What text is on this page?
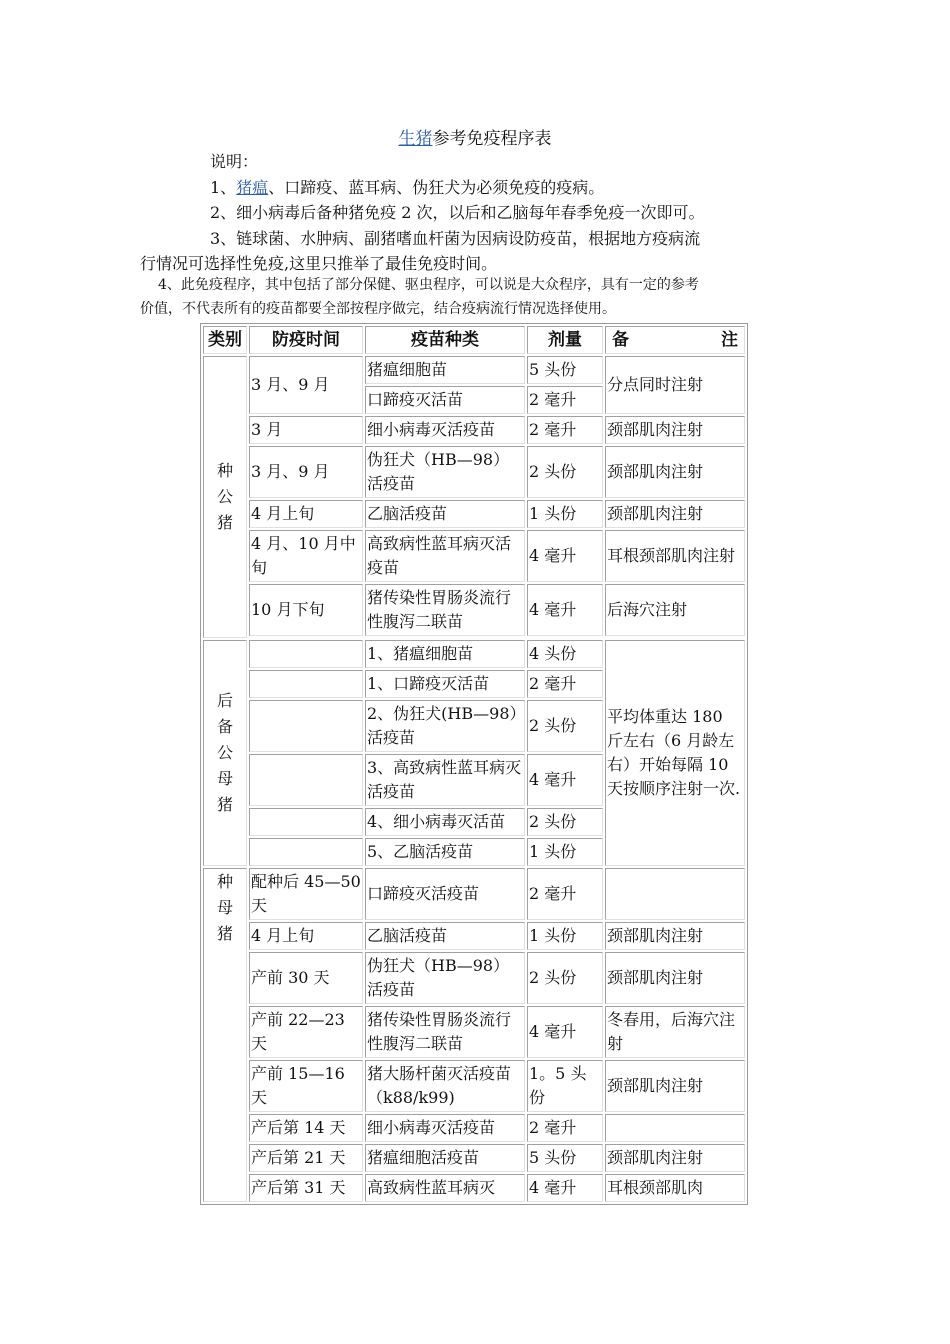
生猪参考免疫程序表
说明：
1、猪瘟、口蹄疫、蓝耳病、伪狂犬为必须免疫的疫病。
2、细小病毒后备种猪免疫 2 次，以后和乙脑每年春季免疫一次即可。
3、链球菌、水肿病、副猪嗜血杆菌为因病设防疫苗，根据地方疫病流
行情况可选择性免疫,这里只推举了最佳免疫时间。
4、此免疫程序，其中包括了部分保健、驱虫程序，可以说是大众程序，具有一定的参考
价值，不代表所有的疫苗都要全部按程序做完，结合疫病流行情况选择使用。
类别	防疫时间	疫苗种类	剂量	备 注

种公猪	3 月、9 月	猪瘟细胞苗	5 头份	分点同时注射
		口蹄疫灭活苗	2 毫升	
	3 月	细小病毒灭活疫苗	2 毫升	颈部肌肉注射
	3 月、9 月	伪狂犬（HB—98）活疫苗	2 头份	颈部肌肉注射
	4 月上旬	乙脑活疫苗	1 头份	颈部肌肉注射
	4 月、10 月中旬	高致病性蓝耳病灭活疫苗	4 毫升	耳根颈部肌肉注射
	10 月下旬	猪传染性胃肠炎流行性腹泻二联苗	4 毫升	后海穴注射

后备公母猪		1、猪瘟细胞苗	4 头份	平均体重达 180 斤左右（6 月龄左右）开始每隔 10 天按顺序注射一次.
		1、口蹄疫灭活苗	2 毫升	
		2、伪狂犬(HB—98）活疫苗	2 头份	
		3、高致病性蓝耳病灭活疫苗	4 毫升	
		4、细小病毒灭活苗	2 头份	
		5、乙脑活疫苗	1 头份	
种母猪	配种后 45—50 天	口蹄疫灭活疫苗	2 毫升	
	4 月上旬	乙脑活疫苗	1 头份	颈部肌肉注射
	产前 30 天	伪狂犬（HB—98）活疫苗	2 头份	颈部肌肉注射
	产前 22—23 天	猪传染性胃肠炎流行性腹泻二联苗	4 毫升	冬春用，后海穴注射
	产前 15—16 天	猪大肠杆菌灭活疫苗（k88/k99)	1。5 头份	颈部肌肉注射
	产后第 14 天	细小病毒灭活疫苗	2 毫升	
	产后第 21 天	猪瘟细胞活疫苗	5 头份	颈部肌肉注射
	产后第 31 天	高致病性蓝耳病灭	4 毫升	耳根颈部肌肉
